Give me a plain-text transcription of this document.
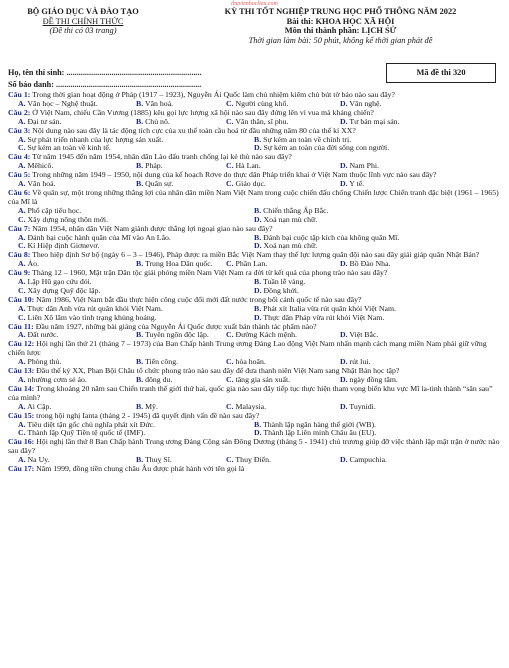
thuvienhoclieu.com
BỘ GIÁO DỤC VÀ ĐÀO TẠO
ĐỀ THI CHÍNH THỨC
(Đề thi có 03 trang)
KỲ THI TỐT NGHIỆP TRUNG HỌC PHỔ THÔNG NĂM 2022
Bài thi: KHOA HỌC XÃ HỘI
Môn thi thành phần: LỊCH SỬ
Thời gian làm bài: 50 phút, không kể thời gian phát đề
Họ, tên thí sinh: ..................................................................
Số báo danh: .......................................................................
Mã đề thi 320
Câu 1: Trong thời gian hoạt động ở Pháp (1917 – 1923), Nguyễn Ái Quốc làm chủ nhiệm kiêm chủ bút tờ báo nào sau đây?
A. Văn học – Nghệ thuật.	B. Văn hoá.	C. Người cùng khổ.	D. Văn nghệ.
Câu 2: Ở Việt Nam, chiếu Cần Vương (1885) kêu gọi lực lượng xã hội nào sau đây đứng lên vì vua mà kháng chiến?
A. Đại tư sản.	B. Chủ nô.	C. Văn thân, sĩ phu.	D. Tư bản mại sản.
Câu 3: Nội dung nào sau đây là tác động tích cực của xu thế toàn cầu hoá từ đầu những năm 80 của thế kỉ XX?
A. Sự phát triển nhanh của lực lượng sản xuất.	B. Sự kém an toàn về chính trị.
C. Sự kém an toàn về kinh tế.	D. Sự kém an toàn của đời sống con người.
Câu 4: Từ năm 1945 đến năm 1954, nhân dân Lào đấu tranh chống lại kẻ thù nào sau đây?
A. Mêhicô.	B. Pháp.	C. Hà Lan.	D. Nam Phi.
Câu 5: Trong những năm 1949 – 1950, nội dung của kế hoạch Rơve do thực dân Pháp triển khai ở Việt Nam thuộc lĩnh vực nào sau đây?
A. Văn hoá.	B. Quân sự.	C. Giáo dục.	D. Y tế.
Câu 6: Về quân sự, một trong những thắng lợi của nhân dân miền Nam Việt Nam trong cuộc chiến đấu chống Chiến lược Chiến tranh đặc biệt (1961 – 1965) của Mĩ là
A. Phổ cập tiểu học.	B. Chiến thắng Ấp Bắc.
C. Xây dựng nông thôn mới.	D. Xoá nạn mù chữ.
Câu 7: Năm 1954, nhân dân Việt Nam giành được thắng lợi ngoại giao nào sau đây?
A. Đánh bại cuộc hành quân của Mĩ vào An Lão.	B. Đánh bại cuộc tập kích của không quân Mĩ.
C. Kí Hiệp định Giơnevơ.	D. Xoá nạn mù chữ.
Câu 8: Theo hiệp định Sơ bộ (ngày 6 – 3 – 1946), Pháp được ra miền Bắc Việt Nam thay thế lực lượng quân đội nào sau đây giải giáp quân Nhật Bản?
A. Ảo.	B. Trung Hoa Dân quốc.	C. Phần Lan.	D. Bồ Đào Nha.
Câu 9: Tháng 12 – 1960, Mặt trận Dân tộc giải phóng miền Nam Việt Nam ra đời từ kết quả của phong trào nào sau đây?
A. Lập Hũ gạo cứu đói.	B. Tuần lễ vàng.
C. Xây dựng Quỹ độc lập.	D. Đồng khởi.
Câu 10: Năm 1986, Việt Nam bắt đầu thực hiện công cuộc đổi mới đất nước trong bối cảnh quốc tế nào sau đây?
A. Thực dân Anh vừa rút quân khỏi Việt Nam.	B. Phát xít Italia vừa rút quân khỏi Việt Nam.
C. Liên Xô lâm vào tình trạng khủng hoảng.	D. Thực dân Pháp vừa rút khỏi Việt Nam.
Câu 11: Đầu năm 1927, những bài giảng của Nguyễn Ái Quốc được xuất bản thành tác phẩm nào?
A. Đất nước.	B. Tuyên ngôn độc lập.	C. Đường Kách mệnh.	D. Việt Bắc.
Câu 12: Hội nghị lần thứ 21 (tháng 7 – 1973) của Ban Chấp hành Trung ương Đảng Lao động Việt Nam nhấn mạnh cách mạng miền Nam phải giữ vững chiến lược
A. Phòng thủ.	B. Tiến công.	C. hòa hoãn.	D. rút lui.
Câu 13: Đầu thế kỷ XX, Phan Bội Châu tổ chức phong trào nào sau đây để đưa thanh niên Việt Nam sang Nhật Bản học tập?
A. nhường cơm sẻ áo.	B. đông du.	C. tăng gia sản xuất.	D. ngày đồng tâm.
Câu 14: Trong khoảng 20 năm sau Chiến tranh thế giới thứ hai, quốc gia nào sau đây tiếp tục thực hiện tham vọng biến khu vực Mĩ la-tinh thành “sân sau” của mình?
A. Ai Cập.	B. Mỹ.	C. Malaysia.	D. Tuynidi.
Câu 15: trong hội nghị Ianta (tháng 2 - 1945) đã quyết định vấn đề nào sau đây?
A. Tiêu diệt tận gốc chủ nghĩa phát xít Đức.	B. Thành lập ngân hàng thế giới (WB).
C. Thành lập Quỹ Tiền tệ quốc tế (IMF).	D. Thành lập Liên minh Châu âu (EU).
Câu 16: Hội nghị lần thứ 8 Ban Chấp hành Trung ương Đảng Cộng sản Đông Dương (tháng 5 - 1941) chủ trương giúp đỡ việc thành lập mặt trận ở nước nào sau đây?
A. Na Uy.	B. Thuỵ Sĩ.	C. Thuỵ Điển.	D. Campuchia.
Câu 17: Năm 1999, đồng tiền chung châu Âu được phát hành với tên gọi là
